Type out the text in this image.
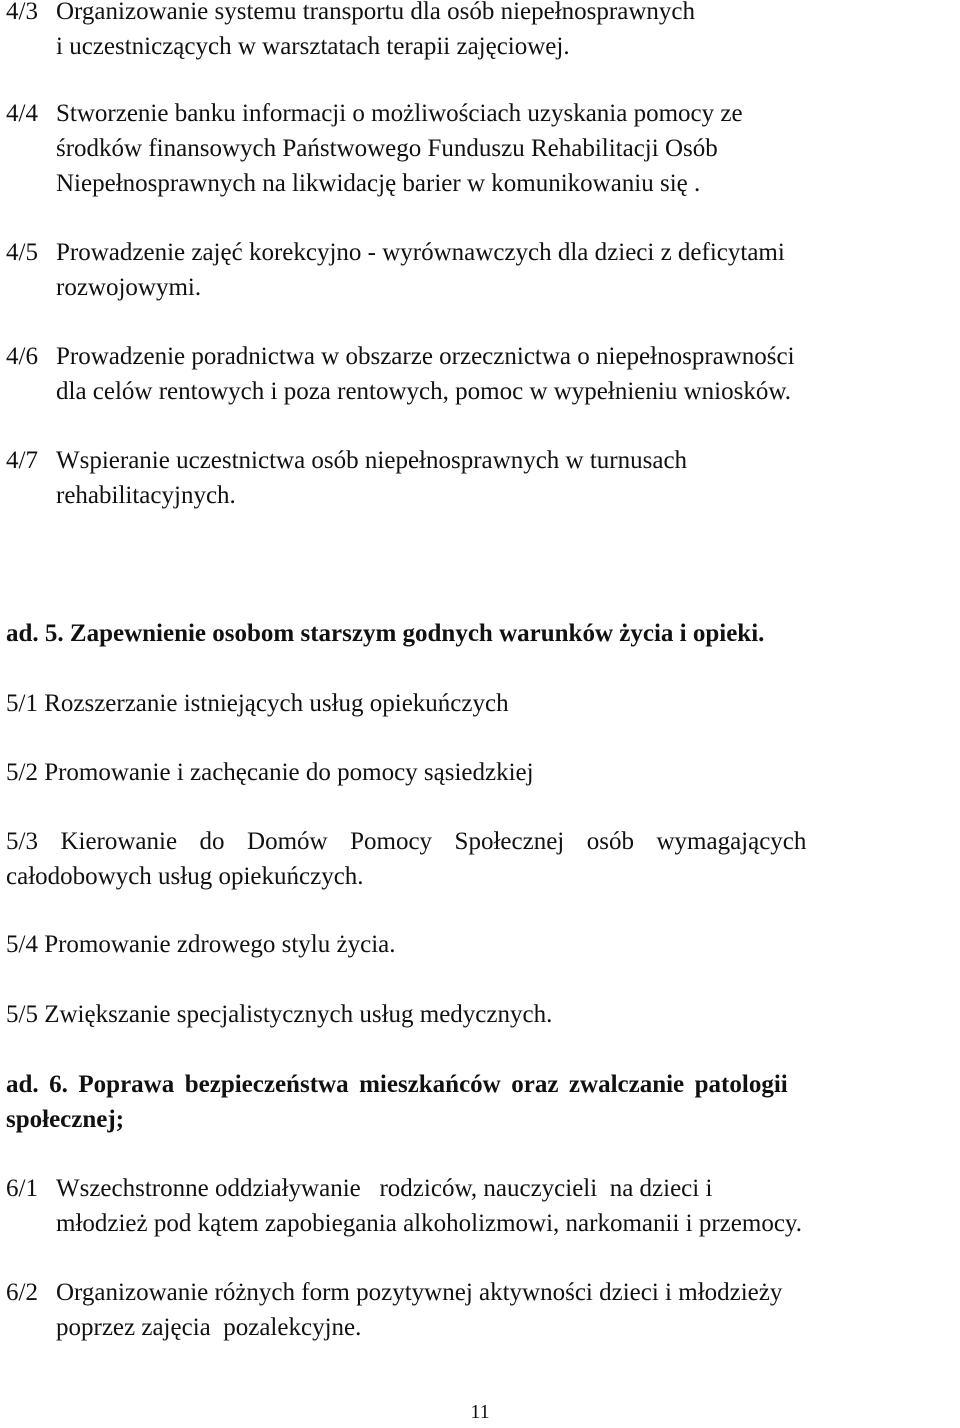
4/3 Organizowanie systemu transportu dla osób niepełnosprawnych
i uczestniczących w warsztatach terapii zajęciowej.
4/4 Stworzenie banku informacji o możliwościach uzyskania pomocy ze
środków finansowych Państwowego Funduszu Rehabilitacji Osób
Niepełnosprawnych na likwidację barier w komunikowaniu się .
4/5 Prowadzenie zajęć korekcyjno - wyrównawczych dla dzieci z deficytami
rozwojowymi.
4/6 Prowadzenie poradnictwa w obszarze orzecznictwa o niepełnosprawności
dla celów rentowych i poza rentowych, pomoc w wypełnieniu wniosków.
4/7 Wspieranie uczestnictwa osób niepełnosprawnych w turnusach
rehabilitacyjnych.
ad. 5. Zapewnienie osobom starszym godnych warunków życia i opieki.
5/1 Rozszerzanie istniejących usług opiekuńczych
5/2 Promowanie i zachęcanie do pomocy sąsiedzkiej
5/3  Kierowanie  do  Domów  Pomocy  Społecznej  osób  wymagających
całodobowych usług opiekuńczych.
5/4 Promowanie zdrowego stylu życia.
5/5 Zwiększanie specjalistycznych usług medycznych.
ad.  6.  Poprawa  bezpieczeństwa  mieszkańców  oraz  zwalczanie  patologii
społecznej;
6/1 Wszechstronne oddziaływanie   rodziców, nauczycieli  na dzieci i
młodzież pod kątem zapobiegania alkoholizmowi, narkomanii i przemocy.
6/2 Organizowanie różnych form pozytywnej aktywności dzieci i młodzieży
poprzez zajęcia  pozalekcyjne.
11
